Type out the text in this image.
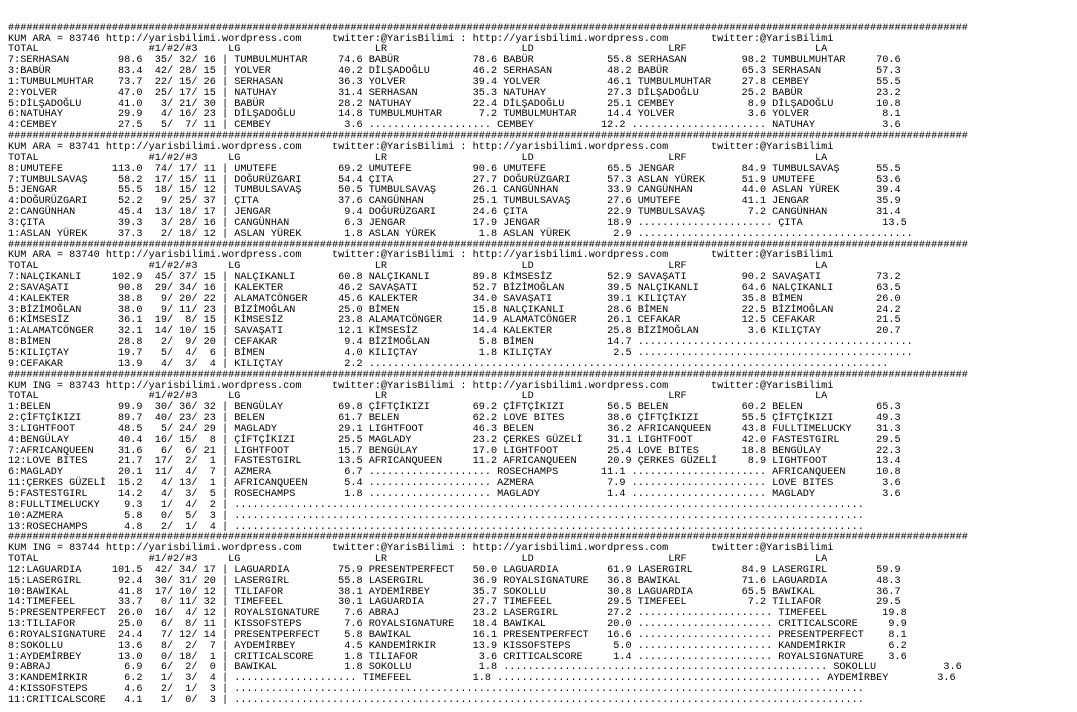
#############################################################################################################################################################
KUM ARA = 83746 http://yarisbilimi.wordpress.com     twitter:@YarisBilimi : http://yarisbilimi.wordpress.com       twitter:@YarisBilimi
TOTAL                  #1/#2/#3     LG                      LR                      LD                      LRF                     LA
7:SERHASAN        98.6  35/ 32/ 16 | TUMBULMUHTAR     74.6 BABÜR            78.6 BABÜR            55.8 SERHASAN         98.2 TUMBULMUHTAR     70.6
3:BABÜR           83.4  42/ 28/ 15 | YOLVER           40.2 DİLŞADOĞLU       46.2 SERHASAN         48.2 BABÜR            65.3 SERHASAN         57.3
1:TUMBULMUHTAR    73.7  22/ 15/ 26 | SERHASAN         36.3 YOLVER           39.4 YOLVER           46.1 TUMBULMUHTAR     27.8 CEMBEY           55.5
2:YOLVER          47.0  25/ 17/ 15 | NATUHAY          31.4 SERHASAN         35.3 NATUHAY          27.3 DİLŞADOĞLU       25.2 BABÜR            23.2
5:DİLŞADOĞLU      41.0   3/ 21/ 30 | BABÜR            28.2 NATUHAY          22.4 DİLŞADOĞLU       25.1 CEMBEY            8.9 DİLŞADOĞLU       10.8
6:NATUHAY         29.9   4/ 16/ 23 | DİLŞADOĞLU       14.8 TUMBULMUHTAR      7.2 TUMBULMUHTAR     14.4 YOLVER            3.6 YOLVER            8.1
4:CEMBEY          27.5   5/  7/ 11 | CEMBEY            3.6 .................... CEMBEY           12.2 ...................... NATUHAY           3.6
#############################################################################################################################################################
KUM ARA = 83741 http://yarisbilimi.wordpress.com     twitter:@YarisBilimi : http://yarisbilimi.wordpress.com       twitter:@YarisBilimi
TOTAL                  #1/#2/#3     LG                      LR                      LD                      LRF                     LA
8:UMUTEFE        113.0  74/ 17/ 11 | UMUTEFE          69.2 UMUTEFE          90.6 UMUTEFE          65.5 JENGAR           84.9 TUMBULSAVAŞ      55.5
7:TUMBULSAVAŞ     58.2  17/ 15/ 11 | DOĞURÜZGARI      54.4 ÇITA             27.7 DOĞURÜZGARI      57.3 ASLAN YÜREK      51.9 UMUTEFE          53.6
5:JENGAR          55.5  18/ 15/ 12 | TUMBULSAVAŞ      50.5 TUMBULSAVAŞ      26.1 CANGÜNHAN        33.9 CANGÜNHAN        44.0 ASLAN YÜREK      39.4
4:DOĞURÜZGARI     52.2   9/ 25/ 37 | ÇITA             37.6 CANGÜNHAN        25.1 TUMBULSAVAŞ      27.6 UMUTEFE          41.1 JENGAR           35.9
2:CANGÜNHAN       45.4  13/ 18/ 17 | JENGAR            9.4 DOĞURÜZGARI      24.6 ÇITA             22.9 TUMBULSAVAŞ       7.2 CANGÜNHAN        31.4
3:ÇITA            39.3   3/ 28/ 16 | CANGÜNHAN         6.3 JENGAR           17.9 JENGAR           18.9 ...................... ÇITA             13.5
1:ASLAN YÜREK     37.3   2/ 18/ 12 | ASLAN YÜREK       1.8 ASLAN YÜREK       1.8 ASLAN YÜREK       2.9 .............................................
#############################################################################################################################################################
KUM ARA = 83740 http://yarisbilimi.wordpress.com     twitter:@YarisBilimi : http://yarisbilimi.wordpress.com       twitter:@YarisBilimi
TOTAL                  #1/#2/#3     LG                      LR                      LD                      LRF                     LA
7:NALÇIKANLI     102.9  45/ 37/ 15 | NALÇIKANLI       60.8 NALÇIKANLI       89.8 KİMSESİZ         52.9 SAVAŞATI         90.2 SAVAŞATI         73.2
2:SAVAŞATI        90.8  29/ 34/ 16 | KALEKTER         46.2 SAVAŞATI         52.7 BİZİMOĞLAN       39.5 NALÇIKANLI       64.6 NALÇIKANLI       63.5
4:KALEKTER        38.8   9/ 20/ 22 | ALAMATCÖNGER     45.6 KALEKTER         34.0 SAVAŞATI         39.1 KILIÇTAY         35.8 BİMEN            26.0
3:BİZİMOĞLAN      38.0   9/ 11/ 23 | BİZİMOĞLAN       25.0 BİMEN            15.8 NALÇIKANLI       28.6 BİMEN            22.5 BİZİMOĞLAN       24.2
6:KİMSESİZ        36.1  19/  8/ 15 | KİMSESİZ         23.8 ALAMATCÖNGER     14.9 ALAMATCÖNGER     26.1 CEFAKAR          12.5 CEFAKAR          21.5
1:ALAMATCÖNGER    32.1  14/ 10/ 15 | SAVAŞATI         12.1 KİMSESİZ         14.4 KALEKTER         25.8 BİZİMOĞLAN        3.6 KILIÇTAY         20.7
8:BİMEN           28.8   2/  9/ 20 | CEFAKAR           9.4 BİZİMOĞLAN        5.8 BİMEN            14.7 .............................................
5:KILIÇTAY        19.7   5/  4/  6 | BİMEN             4.0 KILIÇTAY          1.8 KILIÇTAY          2.5 .............................................
9:CEFAKAR         13.9   4/  3/  4 | KILIÇTAY          2.2 .....................................................................................
#############################################################################################################################################################
KUM ING = 83743 http://yarisbilimi.wordpress.com     twitter:@YarisBilimi : http://yarisbilimi.wordpress.com       twitter:@YarisBilimi
TOTAL                  #1/#2/#3     LG                      LR                      LD                      LRF                     LA
1:BELEN           99.9  30/ 36/ 32 | BENGÜLAY         69.8 ÇİFTÇİKIZI       69.2 ÇİFTÇİKIZI       56.5 BELEN            60.2 BELEN            65.3
2:ÇİFTÇİKIZI      89.7  40/ 23/ 23 | BELEN            61.7 BELEN            62.2 LOVE BITES       38.6 ÇİFTÇİKIZI       55.5 ÇİFTÇİKIZI       49.3
3:LIGHTFOOT       48.5   5/ 24/ 29 | MAGLADY          29.1 LIGHTFOOT        46.3 BELEN            36.2 AFRICANQUEEN     43.8 FULLTIMELUCKY    31.3
4:BENGÜLAY        40.4  16/ 15/  8 | ÇİFTÇİKIZI       25.5 MAGLADY          23.2 ÇERKES GÜZELİ    31.1 LIGHTFOOT        42.0 FASTESTGIRL      29.5
7:AFRICANQUEEN    31.6   6/  6/ 21 | LIGHTFOOT        15.7 BENGÜLAY         17.0 LIGHTFOOT        25.4 LOVE BITES       18.8 BENGÜLAY         22.3
12:LOVE BITES     21.7  17/  2/  1 | FASTESTGIRL      13.5 AFRICANQUEEN     11.2 AFRICANQUEEN     20.9 ÇERKES GÜZELİ     8.9 LIGHTFOOT        13.4
6:MAGLADY         20.1  11/  4/  7 | AZMERA            6.7 .................... ROSECHAMPS       11.1 ...................... AFRICANQUEEN     10.8
11:ÇERKES GÜZELİ  15.2   4/ 13/  1 | AFRICANQUEEN      5.4 .................... AZMERA            7.9 ...................... LOVE BITES        3.6
5:FASTESTGIRL     14.2   4/  3/  5 | ROSECHAMPS        1.8 .................... MAGLADY           1.4 ...................... MAGLADY           3.6
8:FULLTIMELUCKY    9.3   1/  4/  2 | .......................................................................................................
10:AZMERA          5.8   0/  5/  3 | .......................................................................................................
13:ROSECHAMPS      4.8   2/  1/  4 | .......................................................................................................
#############################################################################################################################################################
KUM ING = 83744 http://yarisbilimi.wordpress.com     twitter:@YarisBilimi : http://yarisbilimi.wordpress.com       twitter:@YarisBilimi
TOTAL                  #1/#2/#3     LG                      LR                      LD                      LRF                     LA
12:LAGUARDIA     101.5  42/ 34/ 17 | LAGUARDIA        75.9 PRESENTPERFECT   50.0 LAGUARDIA        61.9 LASERGIRL        84.9 LASERGIRL        59.9
15:LASERGIRL      92.4  30/ 31/ 20 | LASERGIRL        55.8 LASERGIRL        36.9 ROYALSIGNATURE   36.8 BAWIKAL          71.6 LAGUARDIA        48.3
10:BAWIKAL        41.8  17/ 10/ 12 | TILIAFOR         38.1 AYDEMİRBEY       35.7 SOKOLLU          30.8 LAGUARDIA        65.5 BAWIKAL          36.7
14:TIMEFEEL       33.7   0/ 11/ 32 | TIMEFEEL         30.1 LAGUARDIA        27.7 TIMEFEEL         29.5 TIMEFEEL          7.2 TILIAFOR         29.5
5:PRESENTPERFECT  26.0  16/  4/ 12 | ROYALSIGNATURE    7.6 ABRAJ            23.2 LASERGIRL        27.2 ...................... TIMEFEEL         19.8
13:TILIAFOR       25.0   6/  8/ 11 | KISSOFSTEPS       7.6 ROYALSIGNATURE   18.4 BAWIKAL          20.0 ...................... CRITICALSCORE     9.9
6:ROYALSIGNATURE  24.4   7/ 12/ 14 | PRESENTPERFECT    5.8 BAWIKAL          16.1 PRESENTPERFECT   16.6 ...................... PRESENTPERFECT    8.1
8:SOKOLLU         13.6   8/  2/  7 | AYDEMİRBEY        4.5 KANDEMİRKIR      13.9 KISSOFSTEPS       5.0 ...................... KANDEMİRKIR       6.2
1:AYDEMİRBEY      13.0   0/ 18/  1 | CRITICALSCORE     1.8 TILIAFOR          3.6 CRITICALSCORE     1.4 ...................... ROYALSIGNATURE    3.6
9:ABRAJ            6.9   6/  2/  0 | BAWIKAL           1.8 SOKOLLU           1.8 ..................................................... SOKOLLU           3.6
3:KANDEMİRKIR      6.2   1/  3/  4 | .................... TIMEFEEL          1.8 ..................................................... AYDEMİRBEY        3.6
4:KISSOFSTEPS      4.6   2/  1/  3 | .......................................................................................................
11:CRITICALSCORE   4.1   1/  0/  3 | .......................................................................................................
